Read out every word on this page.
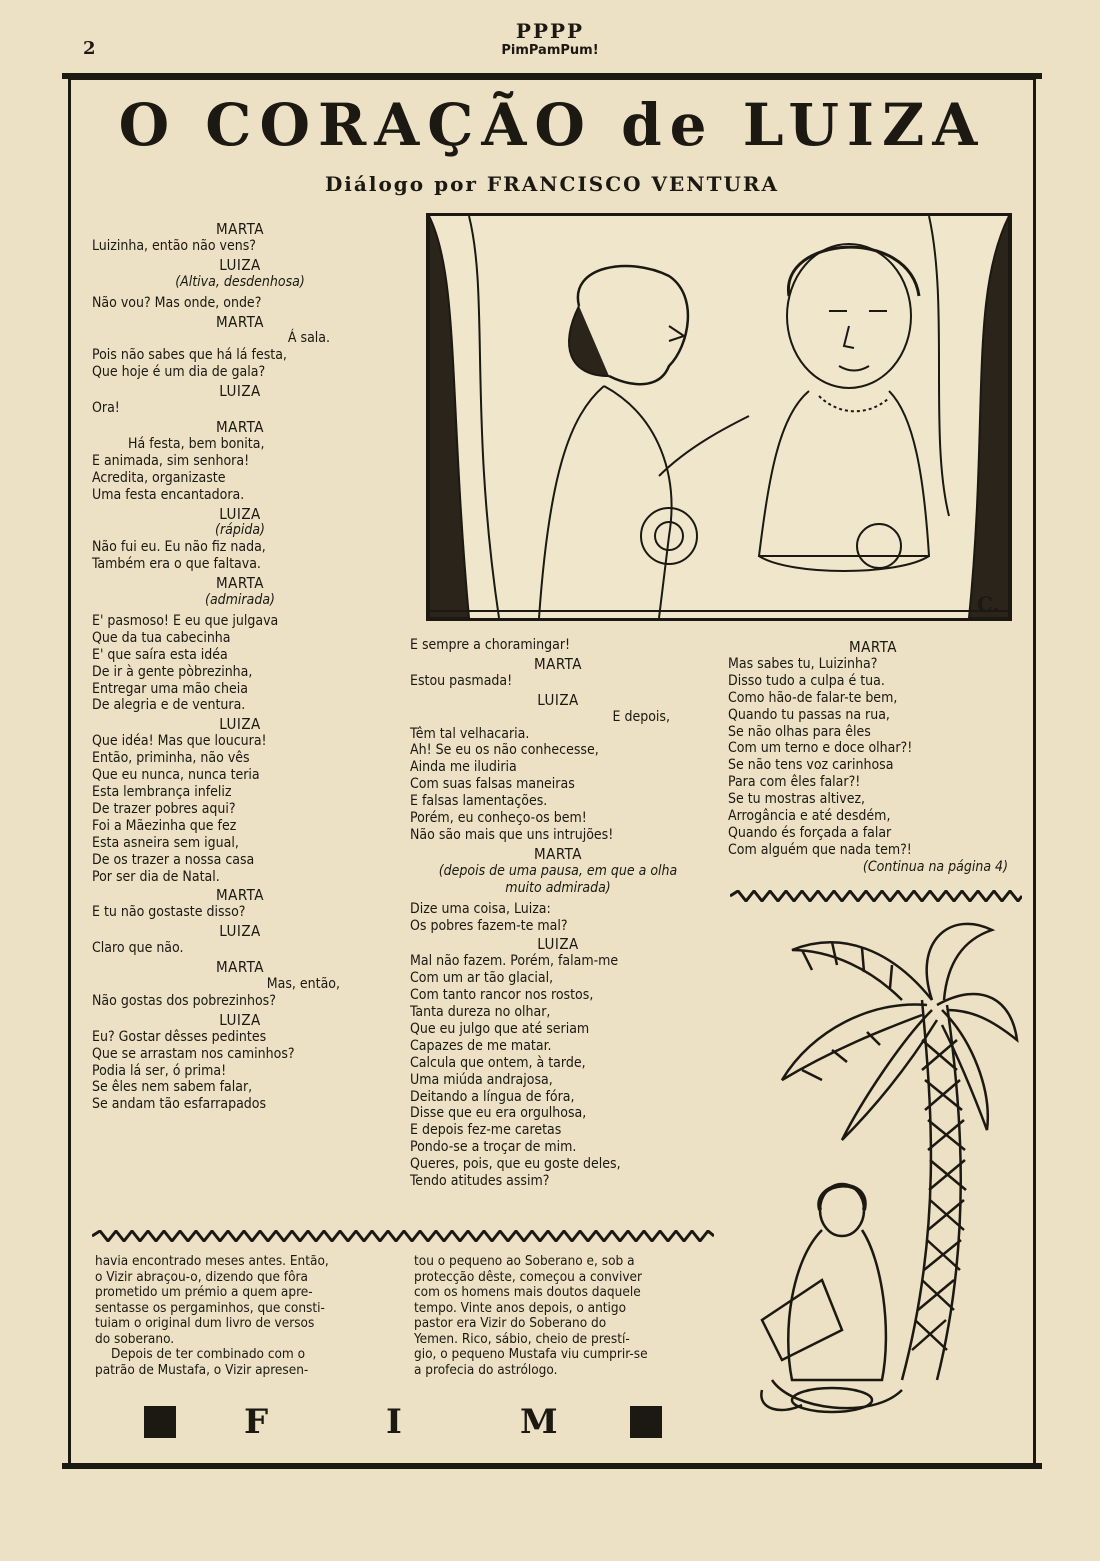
2
PPPP
PimPamPum!
O CORAÇÃO de LUIZA
Diálogo por FRANCISCO VENTURA
C.
MARTA
Luizinha, então não vens?
LUIZA
(Altiva, desdenhosa)
Não vou? Mas onde, onde?
MARTA
Á sala.
Pois não sabes que há lá festa,
Que hoje é um dia de gala?
LUIZA
Ora!
MARTA
Há festa, bem bonita,
E animada, sim senhora!
Acredita, organizaste
Uma festa encantadora.
LUIZA
(rápida)
Não fui eu. Eu não fiz nada,
Também era o que faltava.
MARTA
(admirada)
E' pasmoso! E eu que julgava
Que da tua cabecinha
E' que saíra esta idéa
De ir à gente pòbrezinha,
Entregar uma mão cheia
De alegria e de ventura.
LUIZA
Que idéa! Mas que loucura!
Então, priminha, não vês
Que eu nunca, nunca teria
Esta lembrança infeliz
De trazer pobres aqui?
Foi a Mãezinha que fez
Esta asneira sem igual,
De os trazer a nossa casa
Por ser dia de Natal.
MARTA
E tu não gostaste disso?
LUIZA
Claro que não.
MARTA
Mas, então,
Não gostas dos pobrezinhos?
LUIZA
Eu? Gostar dêsses pedintes
Que se arrastam nos caminhos?
Podia lá ser, ó prima!
Se êles nem sabem falar,
Se andam tão esfarrapados
E sempre a choramingar!
MARTA
Estou pasmada!
LUIZA
E depois,
Têm tal velhacaria.
Ah! Se eu os não conhecesse,
Ainda me iludiria
Com suas falsas maneiras
E falsas lamentações.
Porém, eu conheço-os bem!
Não são mais que uns intrujões!
MARTA
(depois de uma pausa, em que a olha
muito admirada)
Dize uma coisa, Luiza:
Os pobres fazem-te mal?
LUIZA
Mal não fazem. Porém, falam-me
Com um ar tão glacial,
Com tanto rancor nos rostos,
Tanta dureza no olhar,
Que eu julgo que até seriam
Capazes de me matar.
Calcula que ontem, à tarde,
Uma miúda andrajosa,
Deitando a língua de fóra,
Disse que eu era orgulhosa,
E depois fez-me caretas
Pondo-se a troçar de mim.
Queres, pois, que eu goste deles,
Tendo atitudes assim?
MARTA
Mas sabes tu, Luizinha?
Disso tudo a culpa é tua.
Como hão-de falar-te bem,
Quando tu passas na rua,
Se não olhas para êles
Com um terno e doce olhar?!
Se não tens voz carinhosa
Para com êles falar?!
Se tu mostras altivez,
Arrogância e até desdém,
Quando és forçada a falar
Com alguém que nada tem?!
(Continua na página 4)
havia encontrado meses antes. Então,
o Vizir abraçou-o, dizendo que fôra
prometido um prémio a quem apre-
sentasse os pergaminhos, que consti-
tuiam o original dum livro de versos
do soberano.
Depois de ter combinado com o
patrão de Mustafa, o Vizir apresen-
tou o pequeno ao Soberano e, sob a
protecção dêste, começou a conviver
com os homens mais doutos daquele
tempo. Vinte anos depois, o antigo
pastor era Vizir do Soberano do
Yemen. Rico, sábio, cheio de prestí-
gio, o pequeno Mustafa viu cumprir-se
a profecia do astrólogo.
F	I	M
